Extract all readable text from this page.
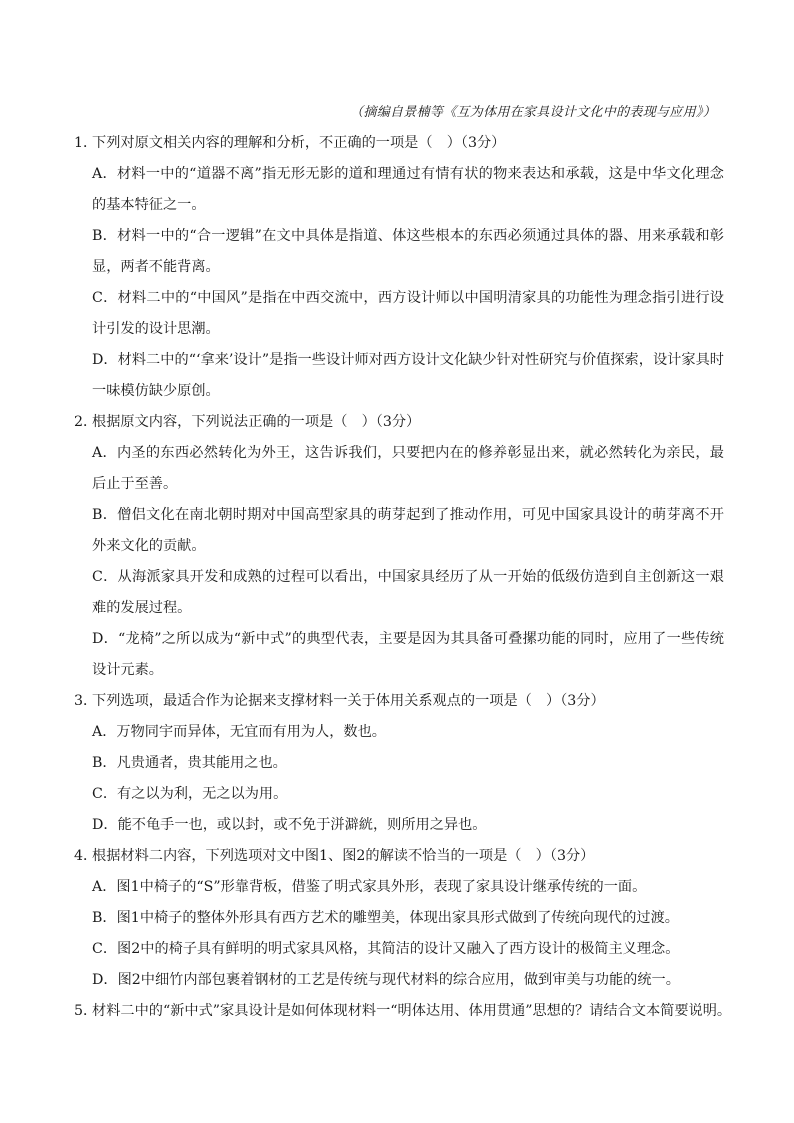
（摘编自景楠等《互为体用在家具设计文化中的表现与应用》）
1．下列对原文相关内容的理解和分析，不正确的一项是（　）（3分）
A．材料一中的“道器不离”指无形无影的道和理通过有情有状的物来表达和承载，这是中华文化理念的基本特征之一。
B．材料一中的“合一逻辑”在文中具体是指道、体这些根本的东西必须通过具体的器、用来承载和彰显，两者不能背离。
C．材料二中的“中国风”是指在中西交流中，西方设计师以中国明清家具的功能性为理念指引进行设计引发的设计思潮。
D．材料二中的“‘拿来’设计”是指一些设计师对西方设计文化缺少针对性研究与价值探索，设计家具时一味模仿缺少原创。
2．根据原文内容，下列说法正确的一项是（　）（3分）
A．内圣的东西必然转化为外王，这告诉我们，只要把内在的修养彰显出来，就必然转化为亲民，最后止于至善。
B．僧侣文化在南北朝时期对中国高型家具的萌芽起到了推动作用，可见中国家具设计的萌芽离不开外来文化的贡献。
C．从海派家具开发和成熟的过程可以看出，中国家具经历了从一开始的低级仿造到自主创新这一艰难的发展过程。
D．“龙椅”之所以成为“新中式”的典型代表，主要是因为其具备可叠摞功能的同时，应用了一些传统设计元素。
3．下列选项，最适合作为论据来支撑材料一关于体用关系观点的一项是（　）（3分）
A．万物同宇而异体，无宜而有用为人，数也。
B．凡贵通者，贵其能用之也。
C．有之以为利，无之以为用。
D．能不龟手一也，或以封，或不免于洴澼絖，则所用之异也。
4．根据材料二内容，下列选项对文中图1、图2的解读不恰当的一项是（　）（3分）
A．图1中椅子的“S”形靠背板，借鉴了明式家具外形，表现了家具设计继承传统的一面。
B．图1中椅子的整体外形具有西方艺术的雕塑美，体现出家具形式做到了传统向现代的过渡。
C．图2中的椅子具有鲜明的明式家具风格，其简洁的设计又融入了西方设计的极简主义理念。
D．图2中细竹内部包裹着钢材的工艺是传统与现代材料的综合应用，做到审美与功能的统一。
5．材料二中的“新中式”家具设计是如何体现材料一“明体达用、体用贯通”思想的？请结合文本简要说明。
